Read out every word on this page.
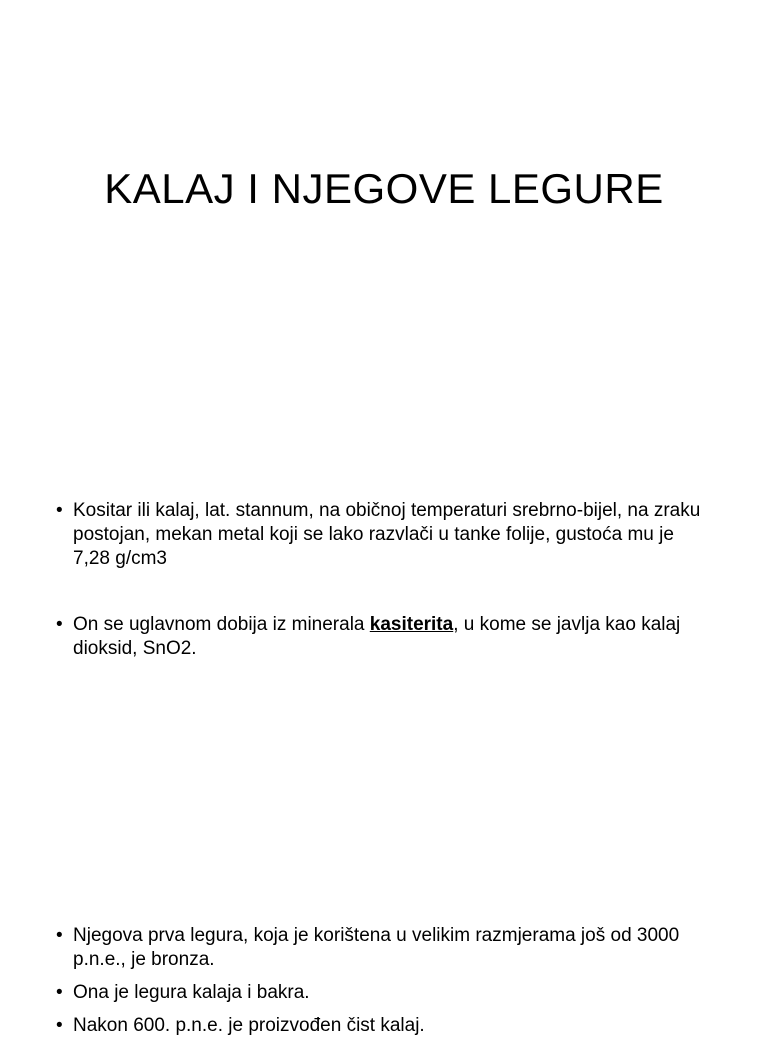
KALAJ I NJEGOVE LEGURE
• Kositar ili kalaj, lat. stannum, na običnoj temperaturi srebrno-bijel, na zraku postojan, mekan metal koji se lako razvlači u tanke folije, gustoća mu je 7,28 g/cm3
• On se uglavnom dobija iz minerala kasiterita, u kome se javlja kao kalaj dioksid, SnO2.
• Njegova prva legura, koja je korištena u velikim razmjerama još od 3000 p.n.e., je bronza.
• Ona je legura kalaja i bakra.
• Nakon 600. p.n.e. je proizvođen čist kalaj.
